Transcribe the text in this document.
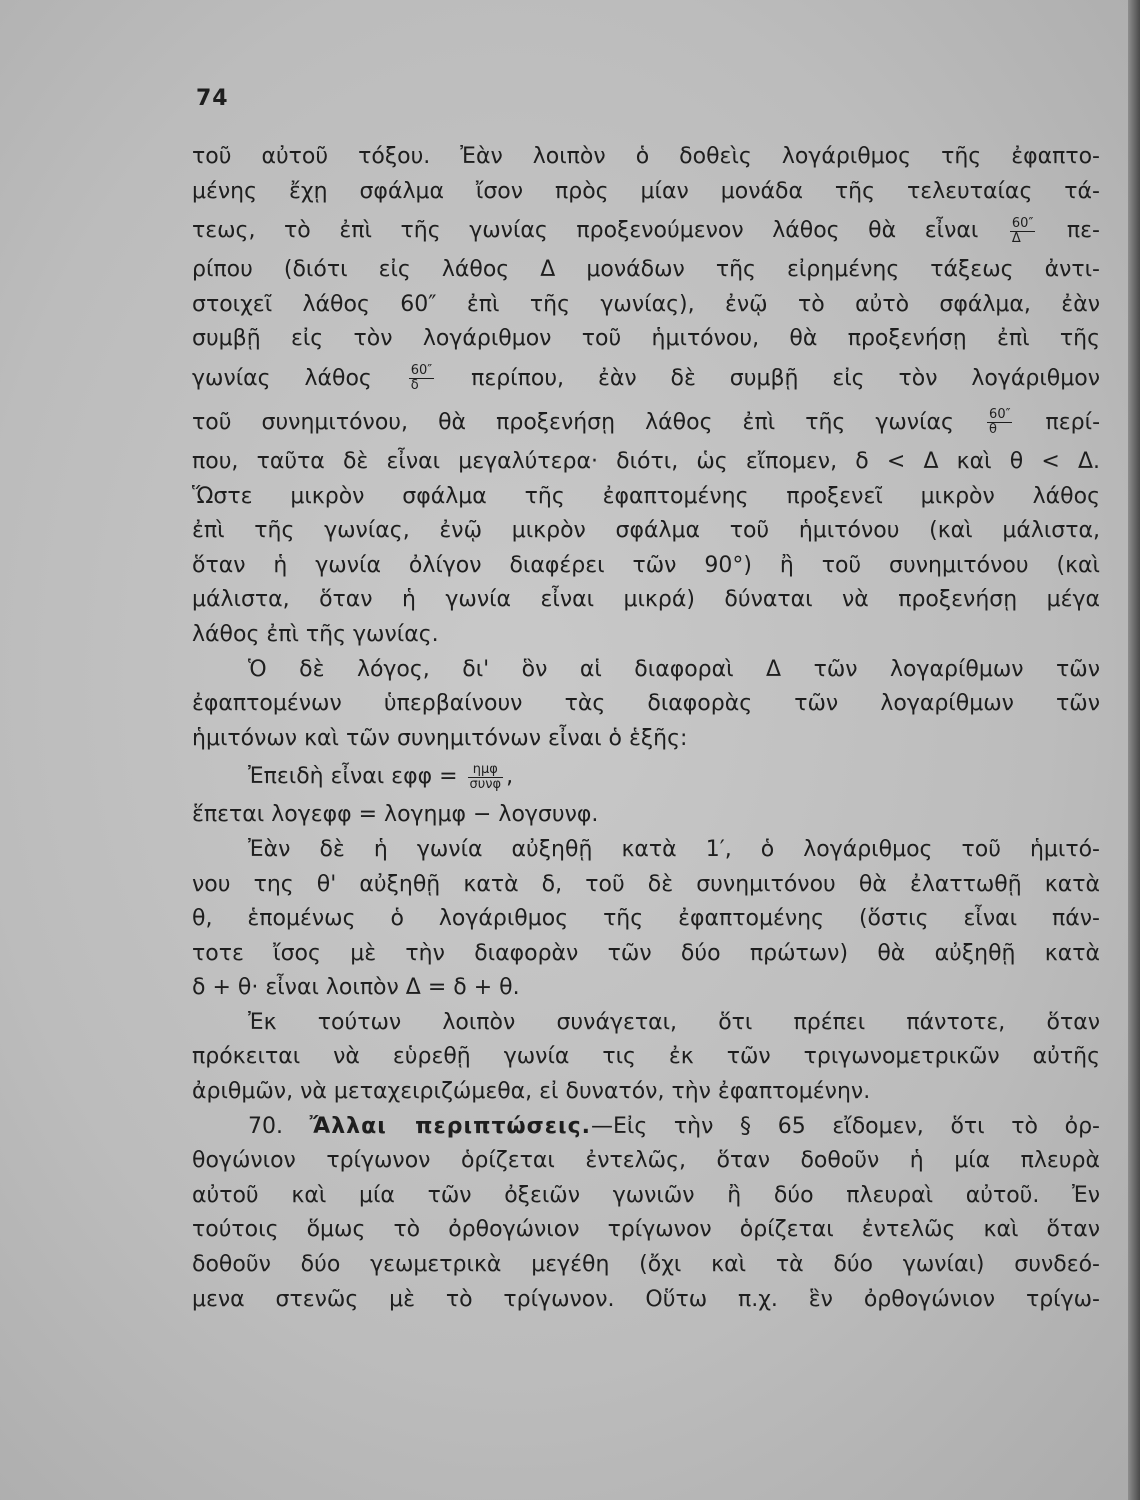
74
τοῦ αὐτοῦ τόξου. Ἐὰν λοιπὸν ὁ δοθεὶς λογάριθμος τῆς ἐφαπτο-
μένης ἔχῃ σφάλμα ἴσον πρὸς μίαν μονάδα τῆς τελευταίας τά-
τεως, τὸ ἐπὶ τῆς γωνίας προξενούμενον λάθος θὰ εἶναι $\frac{60''}{\Delta} \pi\varepsilon-$
ρίπου (διότι εἰς λάθος Δ μονάδων τῆς εἰρημένης τάξεως ἀντι-
στοιχεῖ λάθος 60″ ἐπὶ τῆς γωνίας), ἐνῷ τὸ αὐτὸ σφάλμα, ἐὰν
συμβῇ εἰς τὸν λογάριθμον τοῦ ἡμιτόνου, θὰ προξενήσῃ ἐπὶ τῆς
γωνίας λάθος	$\frac{60''}{\delta} \pi\varepsilon\rho ί\pi o\upsilon$, ἐὰν δὲ συμβῇ εἰς τὸν λογάριθμον
τοῦ συνημιτόνου, θὰ προξενήσῃ λάθος ἐπὶ τῆς γωνίας	$\frac{60''}{\theta} \pi\varepsilon\rho ί-$
που, ταῦτα δὲ εἶναι μεγαλύτερα· διότι, ὡς εἴπομεν, δ < Δ καὶ θ < Δ.
Ὥστε μικρὸν σφάλμα τῆς ἐφαπτομένης προξενεῖ μικρὸν λάθος
ἐπὶ τῆς γωνίας, ἐνῷ μικρὸν σφάλμα τοῦ ἡμιτόνου (καὶ μάλιστα,
ὅταν ἡ γωνία ὀλίγον διαφέρει τῶν 90°) ἢ τοῦ συνημιτόνου (καὶ
μάλιστα, ὅταν ἡ γωνία εἶναι μικρά) δύναται νὰ προξενήσῃ μέγα
λάθος ἐπὶ τῆς γωνίας.
Ὁ δὲ λόγος, δι' ὃν αἱ διαφοραὶ Δ τῶν λογαρίθμων τῶν
ἐφαπτομένων ὑπερβαίνουν τὰς διαφορὰς τῶν λογαρίθμων τῶν
ἡμιτόνων καὶ τῶν συνημιτόνων εἶναι ὁ ἑξῆς:
Ἐπειδὴ εἶναι $\varepsilon\varphi\varphi = \frac{\text{ημφ}}{\text{συνφ}}$ ,
ἕπεται λογεφφ = λογημφ − λογσυνφ.
Ἐὰν δὲ ἡ γωνία αὐξηθῇ κατὰ 1′, ὁ λογάριθμος τοῦ ἡμιτό-
νου της θ' αὐξηθῇ κατὰ δ, τοῦ δὲ συνημιτόνου θὰ ἐλαττωθῇ κατὰ
θ, ἑπομένως ὁ λογάριθμος τῆς ἐφαπτομένης (ὅστις εἶναι πάν-
τοτε ἴσος μὲ τὴν διαφορὰν τῶν δύο πρώτων) θὰ αὐξηθῇ κατὰ
δ + θ· εἶναι λοιπὸν Δ = δ + θ.
Ἐκ τούτων λοιπὸν συνάγεται, ὅτι πρέπει πάντοτε, ὅταν
πρόκειται νὰ εὑρεθῇ γωνία τις ἐκ τῶν τριγωνομετρικῶν αὐτῆς
ἀριθμῶν, νὰ μεταχειριζώμεθα, εἰ δυνατόν, τὴν ἐφαπτομένην.
70. Ἄλλαι περιπτώσεις.—Εἰς τὴν § 65 εἴδομεν, ὅτι τὸ ὀρ-
θογώνιον τρίγωνον ὁρίζεται ἐντελῶς, ὅταν δοθοῦν ἡ μία πλευρὰ
αὐτοῦ καὶ μία τῶν ὀξειῶν γωνιῶν ἢ δύο πλευραὶ αὐτοῦ. Ἐν
τούτοις ὅμως τὸ ὀρθογώνιον τρίγωνον ὁρίζεται ἐντελῶς καὶ ὅταν
δοθοῦν δύο γεωμετρικὰ μεγέθη (ὄχι καὶ τὰ δύο γωνίαι) συνδεό-
μενα στενῶς μὲ τὸ τρίγωνον. Οὕτω π.χ. ἓν ὀρθογώνιον τρίγω-
